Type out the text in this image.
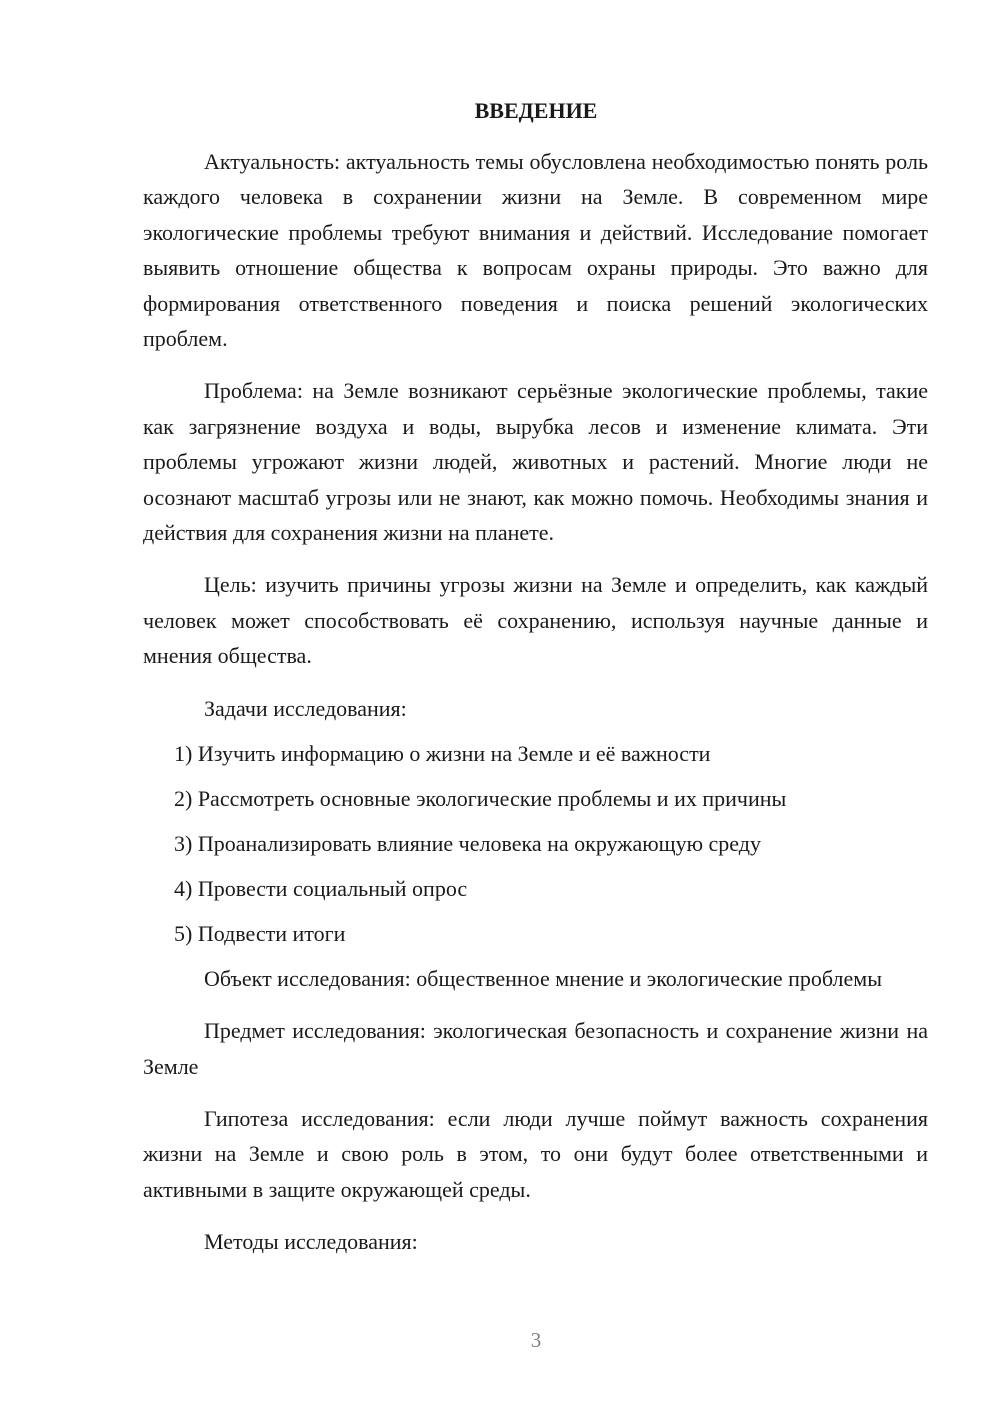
ВВЕДЕНИЕ

Актуальность: актуальность темы обусловлена необходимостью понять роль каждого человека в сохранении жизни на Земле. В современном мире экологические проблемы требуют внимания и действий. Исследование помогает выявить отношение общества к вопросам охраны природы. Это важно для формирования ответственного поведения и поиска решений экологических проблем.

Проблема: на Земле возникают серьёзные экологические проблемы, такие как загрязнение воздуха и воды, вырубка лесов и изменение климата. Эти проблемы угрожают жизни людей, животных и растений. Многие люди не осознают масштаб угрозы или не знают, как можно помочь. Необходимы знания и действия для сохранения жизни на планете.

Цель: изучить причины угрозы жизни на Земле и определить, как каждый человек может способствовать её сохранению, используя научные данные и мнения общества.

Задачи исследования:

1) Изучить информацию о жизни на Земле и её важности
2) Рассмотреть основные экологические проблемы и их причины
3) Проанализировать влияние человека на окружающую среду
4) Провести социальный опрос
5) Подвести итоги

Объект исследования: общественное мнение и экологические проблемы

Предмет исследования: экологическая безопасность и сохранение жизни на Земле

Гипотеза исследования: если люди лучше поймут важность сохранения жизни на Земле и свою роль в этом, то они будут более ответственными и активными в защите окружающей среды.

Методы исследования:

3
